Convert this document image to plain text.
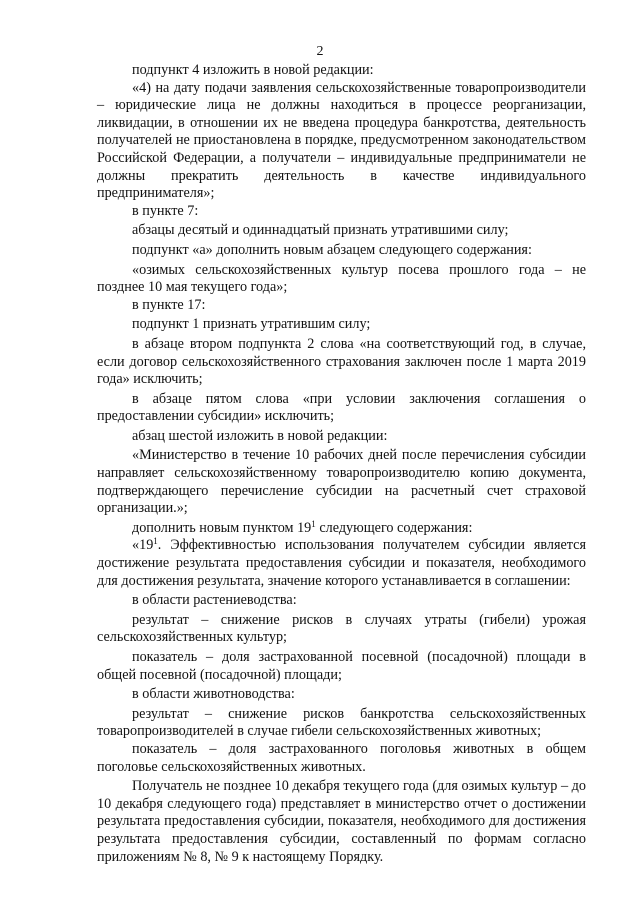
2

подпункт 4 изложить в новой редакции:

«4) на дату подачи заявления сельскохозяйственные товаропроизводители – юридические лица не должны находиться в процессе реорганизации, ликвидации, в отношении их не введена процедура банкротства, деятельность получателей не приостановлена в порядке, предусмотренном законодательством Российской Федерации, а получатели – индивидуальные предприниматели не должны прекратить деятельность в качестве индивидуального предпринимателя»;

в пункте 7:

абзацы десятый и одиннадцатый признать утратившими силу;

подпункт «а» дополнить новым абзацем следующего содержания:

«озимых сельскохозяйственных культур посева прошлого года – не позднее 10 мая текущего года»;

в пункте 17:

подпункт 1 признать утратившим силу;

в абзаце втором подпункта 2 слова «на соответствующий год, в случае, если договор сельскохозяйственного страхования заключен после 1 марта 2019 года» исключить;

в абзаце пятом слова «при условии заключения соглашения о предоставлении субсидии» исключить;

абзац шестой изложить в новой редакции:

«Министерство в течение 10 рабочих дней после перечисления субсидии направляет сельскохозяйственному товаропроизводителю копию документа, подтверждающего перечисление субсидии на расчетный счет страховой организации.»;

дополнить новым пунктом $19^1$ следующего содержания:

«$19^1$. Эффективностью использования получателем субсидии является достижение результата предоставления субсидии и показателя, необходимого для достижения результата, значение которого устанавливается в соглашении:

в области растениеводства:

результат – снижение рисков в случаях утраты (гибели) урожая сельскохозяйственных культур;

показатель – доля застрахованной посевной (посадочной) площади в общей посевной (посадочной) площади;

в области животноводства:

результат – снижение рисков банкротства сельскохозяйственных товаропроизводителей в случае гибели сельскохозяйственных животных;

показатель – доля застрахованного поголовья животных в общем поголовье сельскохозяйственных животных.

Получатель не позднее 10 декабря текущего года (для озимых культур – до 10 декабря следующего года) представляет в министерство отчет о достижении результата предоставления субсидии, показателя, необходимого для достижения результата предоставления субсидии, составленный по формам согласно приложениям № 8, № 9 к настоящему Порядку.
